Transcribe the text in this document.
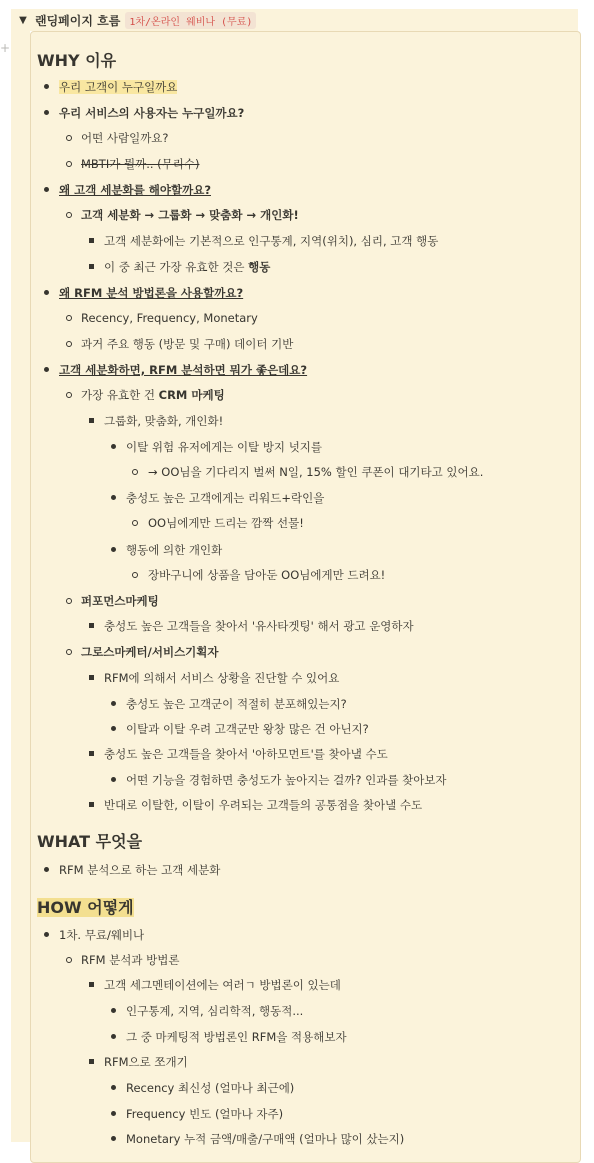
+
▼ 랜딩페이지 흐름 1차/온라인 웨비나 (무료)
WHY 이유
우리 고객이 누구일까요
우리 서비스의 사용자는 누구일까요?
어떤 사람일까요?
MBTI가 뭘까.. (무리수)
왜 고객 세분화를 해야할까요?
고객 세분화 → 그룹화 → 맞춤화 → 개인화!
고객 세분화에는 기본적으로 인구통계, 지역(위치), 심리, 고객 행동
이 중 최근 가장 유효한 것은 행동
왜 RFM 분석 방법론을 사용할까요?
Recency, Frequency, Monetary
과거 주요 행동 (방문 및 구매) 데이터 기반
고객 세분화하면, RFM 분석하면 뭐가 좋은데요?
가장 유효한 건 CRM 마케팅
그룹화, 맞춤화, 개인화!
이탈 위험 유저에게는 이탈 방지 넛지를
→ OO님을 기다리지 벌써 N일, 15% 할인 쿠폰이 대기타고 있어요.
충성도 높은 고객에게는 리워드+락인을
OO님에게만 드리는 깜짝 선물!
행동에 의한 개인화
장바구니에 상품을 담아둔 OO님에게만 드려요!
퍼포먼스마케팅
충성도 높은 고객들을 찾아서 '유사타겟팅' 해서 광고 운영하자
그로스마케터/서비스기획자
RFM에 의해서 서비스 상황을 진단할 수 있어요
충성도 높은 고객군이 적절히 분포해있는지?
이탈과 이탈 우려 고객군만 왕창 많은 건 아닌지?
충성도 높은 고객들을 찾아서 '아하모먼트'를 찾아낼 수도
어떤 기능을 경험하면 충성도가 높아지는 걸까? 인과를 찾아보자
반대로 이탈한, 이탈이 우려되는 고객들의 공통점을 찾아낼 수도
WHAT 무엇을
RFM 분석으로 하는 고객 세분화
HOW 어떻게
1차. 무료/웨비나
RFM 분석과 방법론
고객 세그멘테이션에는 여러ㄱ 방법론이 있는데
인구통계, 지역, 심리학적, 행동적...
그 중 마케팅적 방법론인 RFM을 적용해보자
RFM으로 쪼개기
Recency 최신성 (얼마나 최근에)
Frequency 빈도 (얼마나 자주)
Monetary 누적 금액/매출/구매액 (얼마나 많이 샀는지)
